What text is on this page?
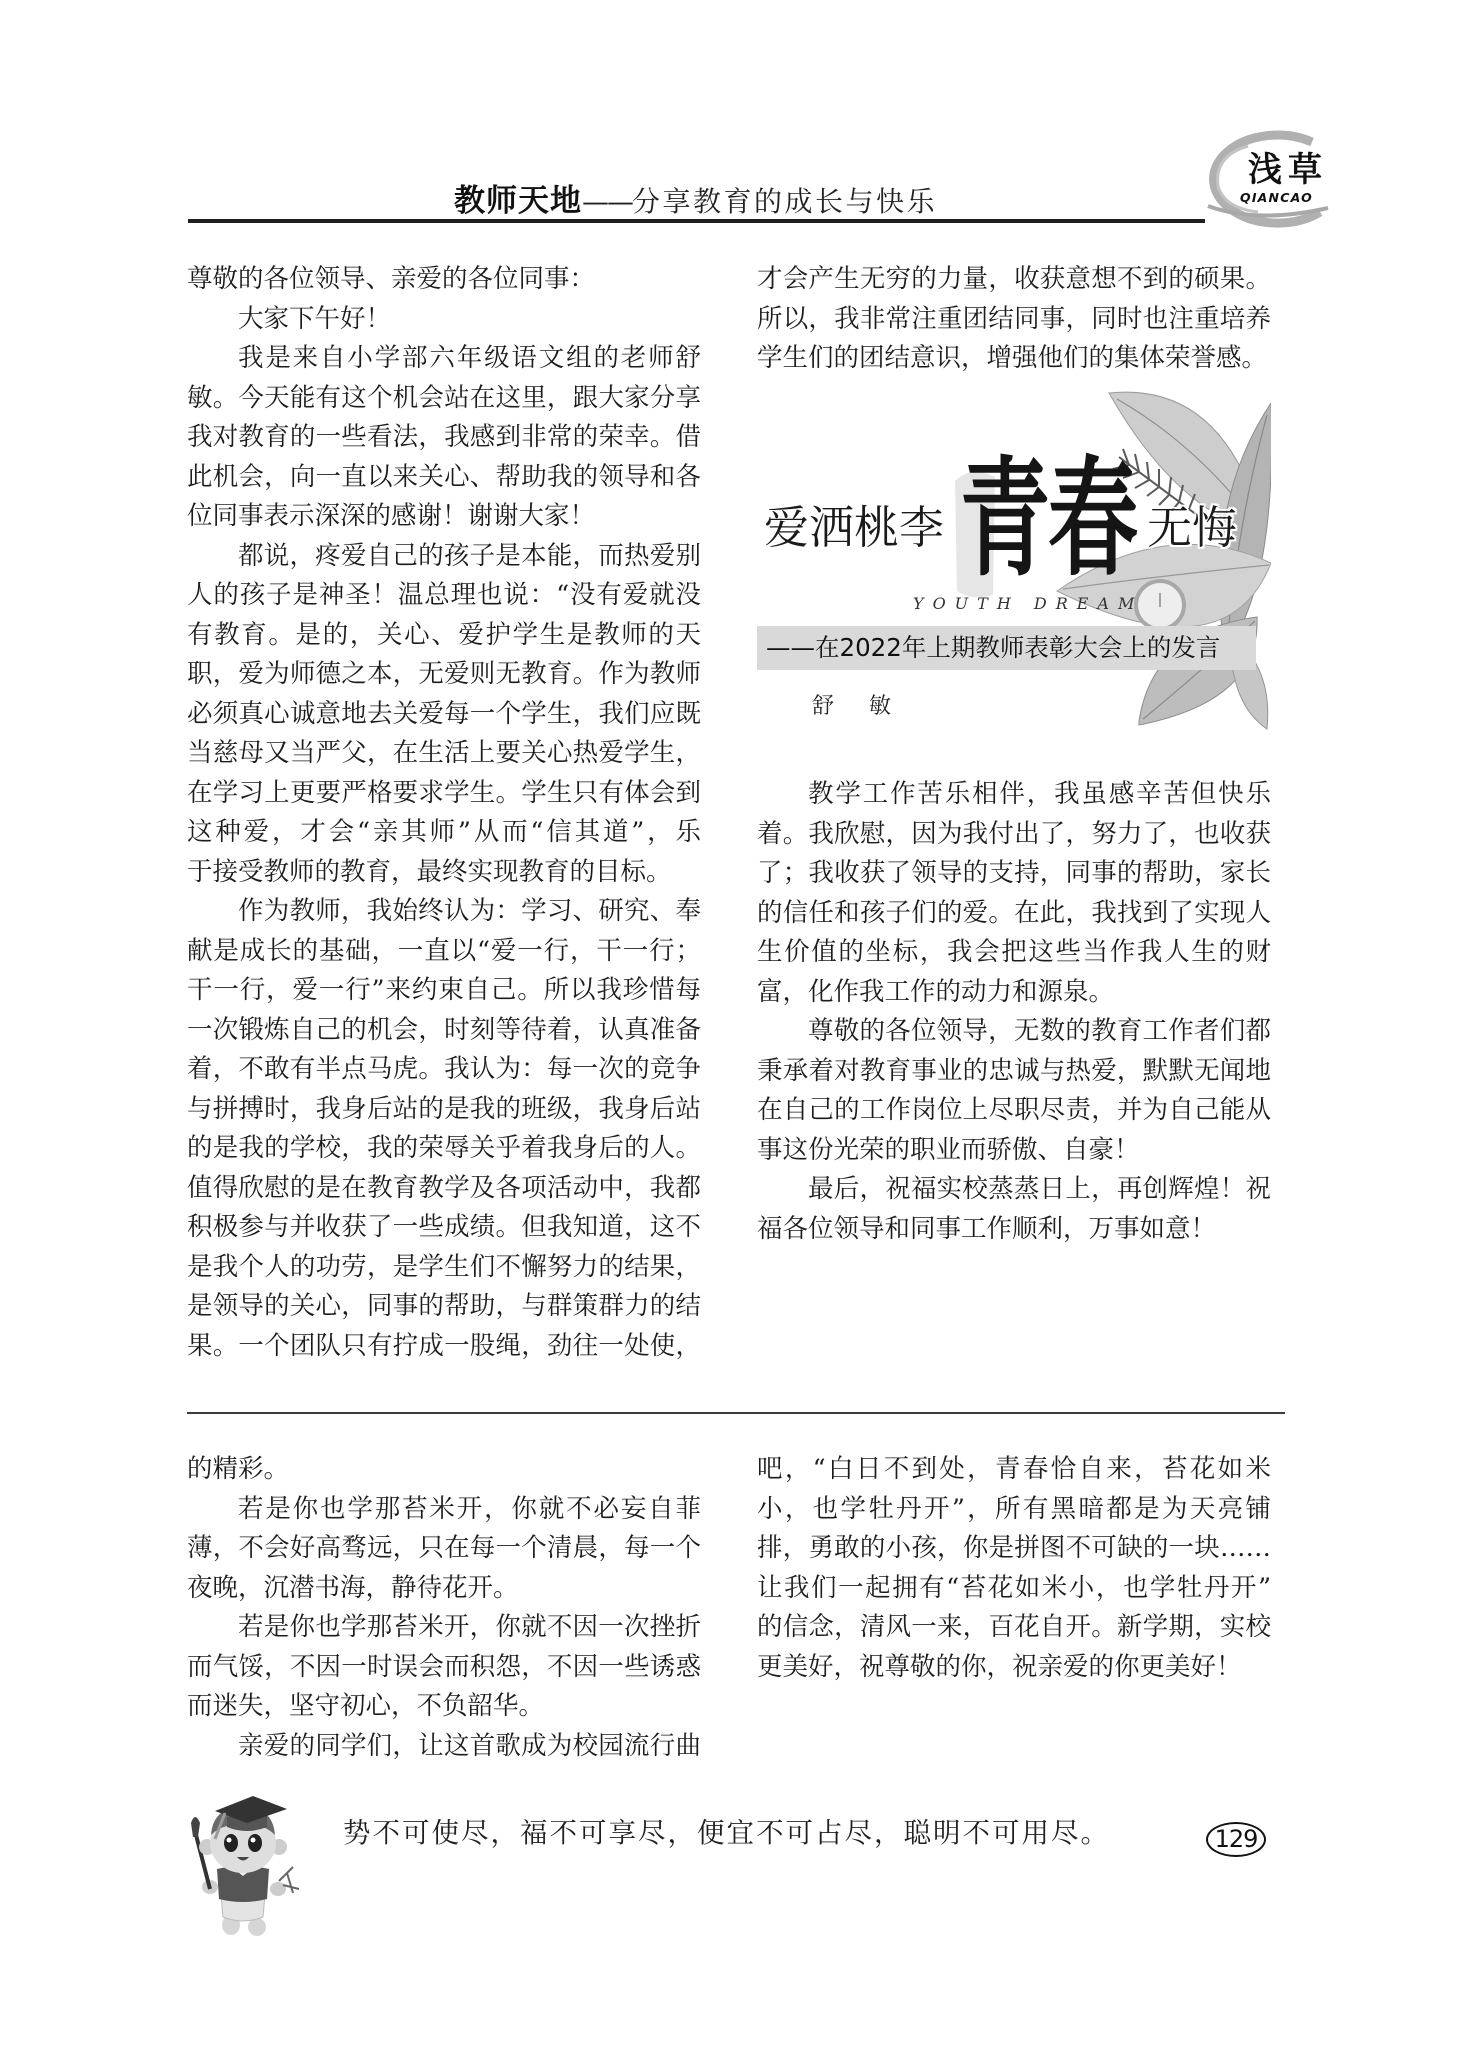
教师天地——分享教育的成长与快乐
浅草
QIANCAO
尊敬的各位领导、亲爱的各位同事：
大家下午好！
我是来自小学部六年级语文组的老师舒
敏。今天能有这个机会站在这里，跟大家分享
我对教育的一些看法，我感到非常的荣幸。借
此机会，向一直以来关心、帮助我的领导和各
位同事表示深深的感谢！谢谢大家！
都说，疼爱自己的孩子是本能，而热爱别
人的孩子是神圣！温总理也说：“没有爱就没
有教育。是的，关心、爱护学生是教师的天
职，爱为师德之本，无爱则无教育。作为教师
必须真心诚意地去关爱每一个学生，我们应既
当慈母又当严父，在生活上要关心热爱学生，
在学习上更要严格要求学生。学生只有体会到
这种爱，才会“亲其师”从而“信其道”，乐
于接受教师的教育，最终实现教育的目标。
作为教师，我始终认为：学习、研究、奉
献是成长的基础，一直以“爱一行，干一行；
干一行，爱一行”来约束自己。所以我珍惜每
一次锻炼自己的机会，时刻等待着，认真准备
着，不敢有半点马虎。我认为：每一次的竞争
与拼搏时，我身后站的是我的班级，我身后站
的是我的学校，我的荣辱关乎着我身后的人。
值得欣慰的是在教育教学及各项活动中，我都
积极参与并收获了一些成绩。但我知道，这不
是我个人的功劳，是学生们不懈努力的结果，
是领导的关心，同事的帮助，与群策群力的结
果。一个团队只有拧成一股绳，劲往一处使，
才会产生无穷的力量，收获意想不到的硕果。
所以，我非常注重团结同事，同时也注重培养
学生们的团结意识，增强他们的集体荣誉感。
爱洒桃李 青春 无悔
YOUTH DREAM
——在2022年上期教师表彰大会上的发言
舒 敏
教学工作苦乐相伴，我虽感辛苦但快乐
着。我欣慰，因为我付出了，努力了，也收获
了；我收获了领导的支持，同事的帮助，家长
的信任和孩子们的爱。在此，我找到了实现人
生价值的坐标，我会把这些当作我人生的财
富，化作我工作的动力和源泉。
尊敬的各位领导，无数的教育工作者们都
秉承着对教育事业的忠诚与热爱，默默无闻地
在自己的工作岗位上尽职尽责，并为自己能从
事这份光荣的职业而骄傲、自豪！
最后，祝福实校蒸蒸日上，再创辉煌！祝
福各位领导和同事工作顺利，万事如意！
的精彩。
若是你也学那苔米开，你就不必妄自菲
薄，不会好高骛远，只在每一个清晨，每一个
夜晚，沉潜书海，静待花开。
若是你也学那苔米开，你就不因一次挫折
而气馁，不因一时误会而积怨，不因一些诱惑
而迷失，坚守初心，不负韶华。
亲爱的同学们，让这首歌成为校园流行曲
吧，“白日不到处，青春恰自来，苔花如米
小，也学牡丹开”，所有黑暗都是为天亮铺
排，勇敢的小孩，你是拼图不可缺的一块……
让我们一起拥有“苔花如米小，也学牡丹开”
的信念，清风一来，百花自开。新学期，实校
更美好，祝尊敬的你，祝亲爱的你更美好！
势不可使尽，福不可享尽，便宜不可占尽，聪明不可用尽。	129
